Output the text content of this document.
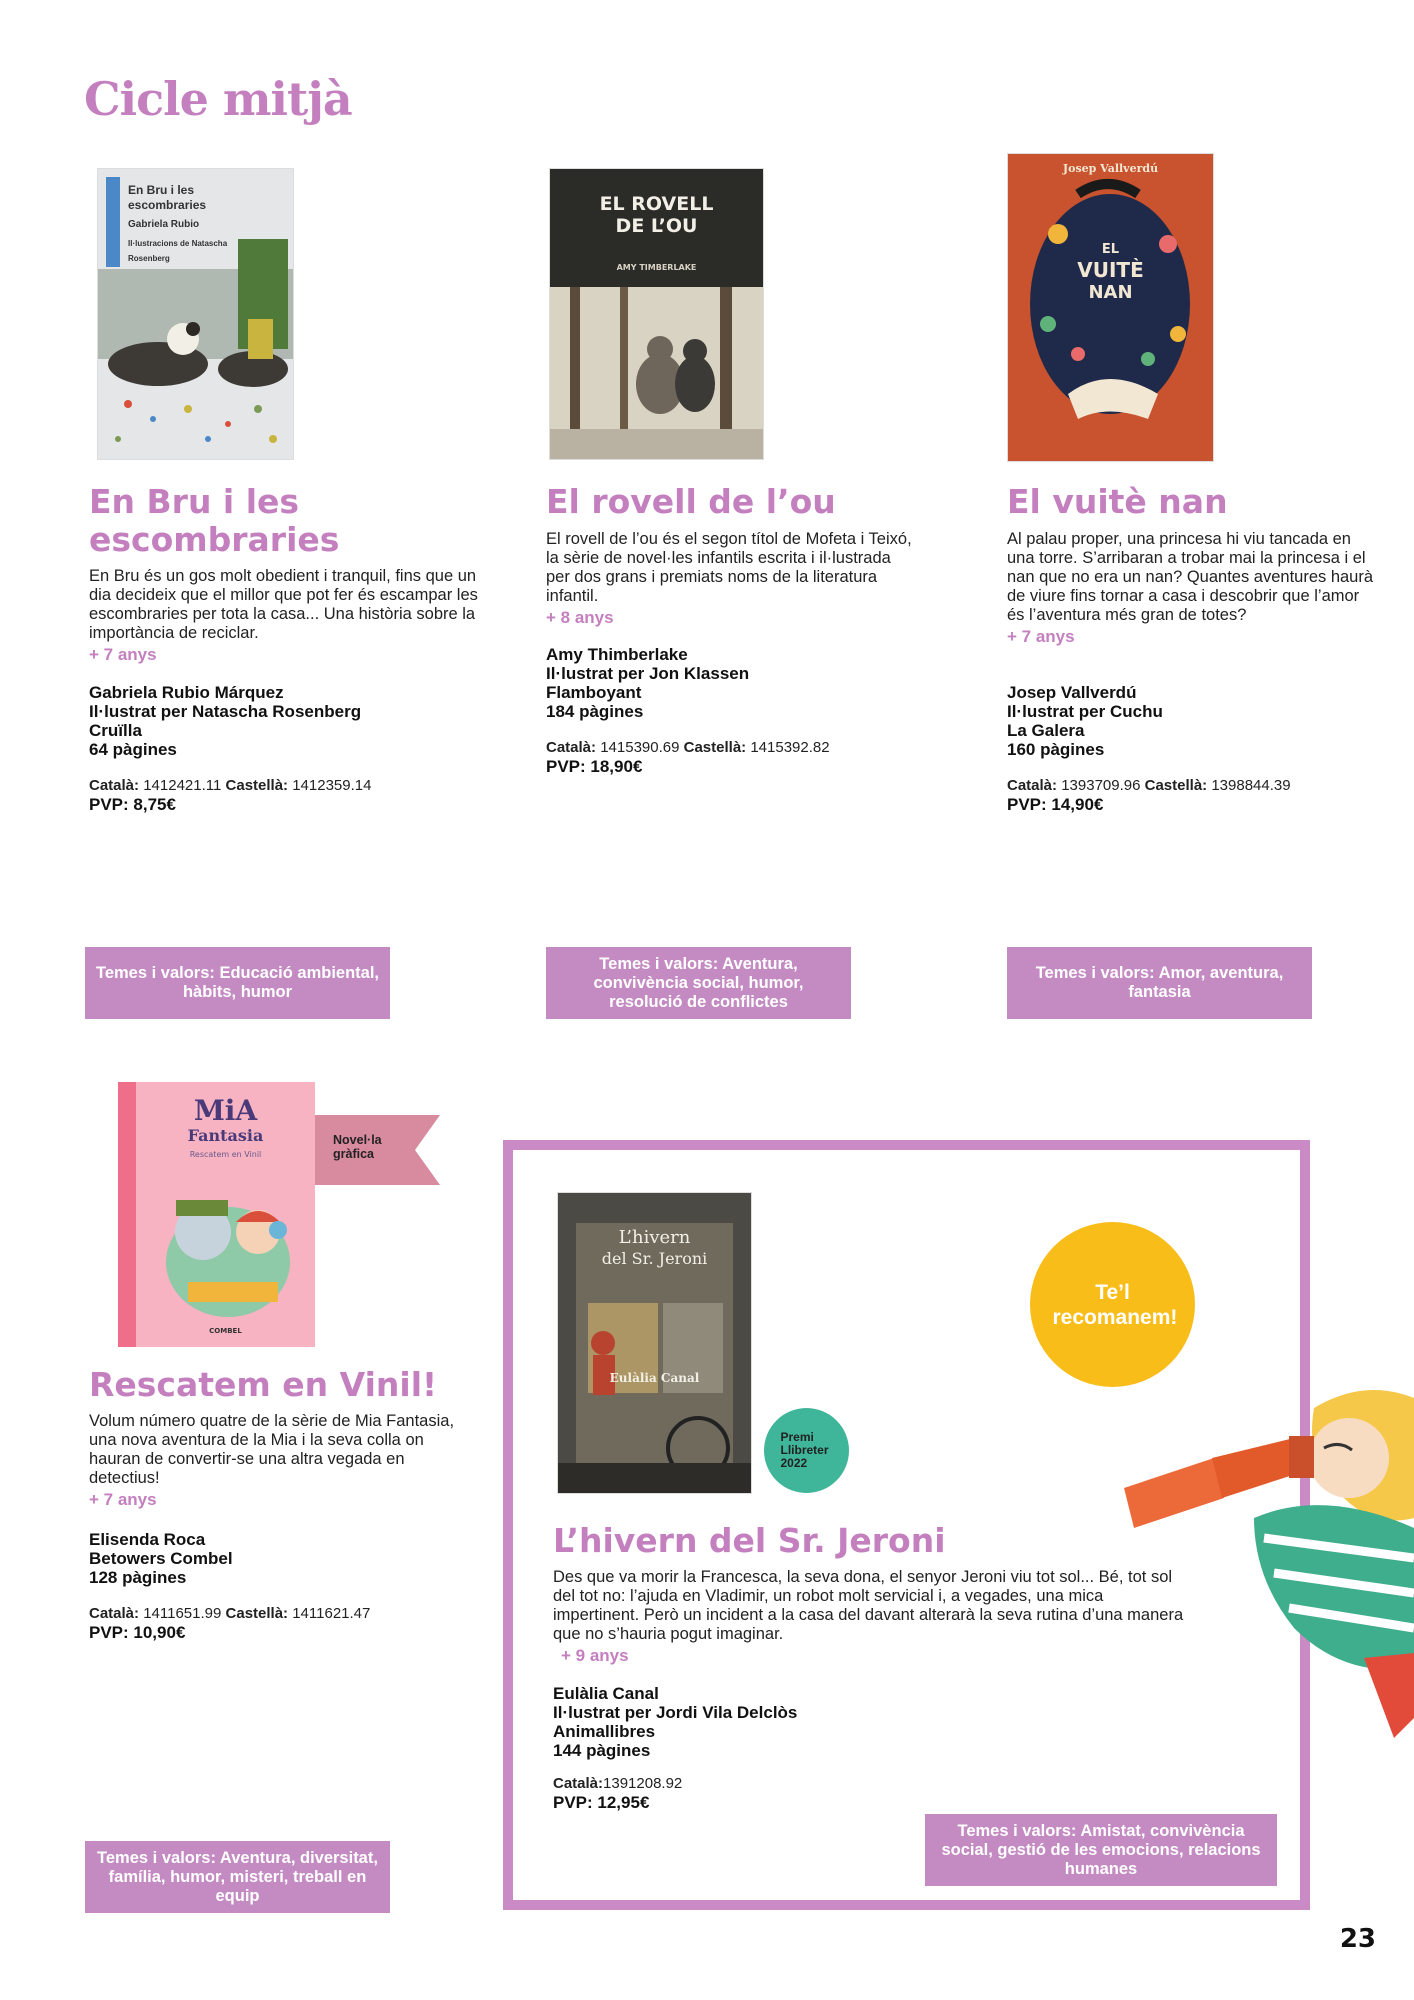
Cicle mitjà
En Bru i les escombraries
Gabriela Rubio
Il·lustracions de Natascha Rosenberg
En Bru i les escombraries
En Bru és un gos molt obedient i tranquil, fins que un dia decideix que el millor que pot fer és escampar les escombraries per tota la casa... Una història sobre la importància de reciclar.
+ 7 anys
Gabriela Rubio Márquez
Il·lustrat per Natascha Rosenberg
Cruïlla
64 pàgines
Català: 1412421.11 Castellà: 1412359.14
PVP: 8,75€
Temes i valors: Educació ambiental, hàbits, humor
EL ROVELL
DE L’OU
AMY TIMBERLAKE
El rovell de l’ou
El rovell de l’ou és el segon títol de Mofeta i Teixó, la sèrie de novel·les infantils escrita i il·lustrada per dos grans i premiats noms de la literatura infantil.
+ 8 anys
Amy Thimberlake
Il·lustrat per Jon Klassen
Flamboyant
184 pàgines
Català: 1415390.69 Castellà: 1415392.82
PVP: 18,90€
Temes i valors: Aventura, convivència social, humor, resolució de conflictes
Josep Vallverdú
EL
VUITÈ
NAN
El vuitè nan
Al palau proper, una princesa hi viu tancada en una torre. S’arribaran a trobar mai la princesa i el nan que no era un nan? Quantes aventures haurà de viure fins tornar a casa i descobrir que l’amor és l’aventura més gran de totes?
+ 7 anys
Josep Vallverdú
Il·lustrat per Cuchu
La Galera
160 pàgines
Català: 1393709.96 Castellà: 1398844.39
PVP: 14,90€
Temes i valors: Amor, aventura, fantasia
MiA
Fantasia
Rescatem en Vinil
COMBEL
Novel·la gràfica
Rescatem en Vinil!
Volum número quatre de la sèrie de Mia Fantasia, una nova aventura de la Mia i la seva colla on hauran de convertir-se una altra vegada en detectius!
+ 7 anys
Elisenda Roca
Betowers Combel
128 pàgines
Català: 1411651.99 Castellà: 1411621.47
PVP: 10,90€
Temes i valors: Aventura, diversitat, família, humor, misteri, treball en equip
L’hivern
del Sr. Jeroni
Eulàlia Canal
Premi Llibreter 2022
Te’l recomanem!
L’hivern del Sr. Jeroni
Des que va morir la Francesca, la seva dona, el senyor Jeroni viu tot sol... Bé, tot sol del tot no: l’ajuda en Vladimir, un robot molt servicial i, a vegades, una mica impertinent. Però un incident a la casa del davant alterarà la seva rutina d’una manera que no s’hauria pogut imaginar.
+ 9 anys
Eulàlia Canal
Il·lustrat per Jordi Vila Delclòs
Animallibres
144 pàgines
Català:1391208.92
PVP: 12,95€
Temes i valors: Amistat, convivència social, gestió de les emocions, relacions humanes
23
